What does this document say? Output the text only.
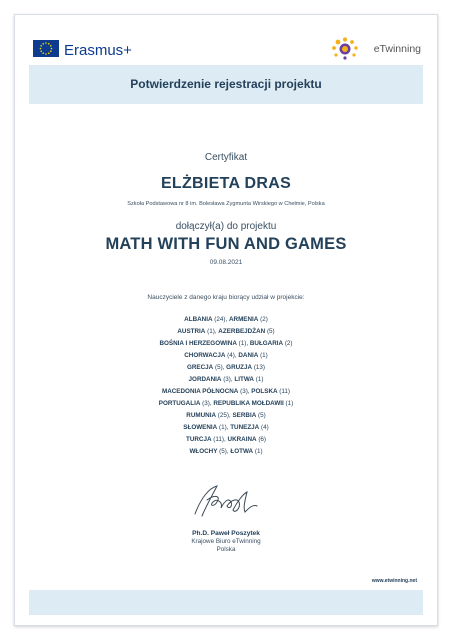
Erasmus+	eTwinning
Potwierdzenie rejestracji projektu
Certyfikat
ELŻBIETA DRAS
Szkoła Podstawowa nr 8 im. Bolesława Zygmunta Wirskiego w Chełmie, Polska
dołączył(a) do projektu
MATH WITH FUN AND GAMES
09.08.2021
Nauczyciele z danego kraju biorący udział w projekcie:
ALBANIA (24), ARMENIA (2)
AUSTRIA (1), AZERBEJDŻAN (5)
BOŚNIA I HERZEGOWINA (1), BUŁGARIA (2)
CHORWACJA (4), DANIA (1)
GRECJA (5), GRUZJA (13)
JORDANIA (3), LITWA (1)
MACEDONIA PÓŁNOCNA (3), POLSKA (11)
PORTUGALIA (3), REPUBLIKA MOŁDAWII (1)
RUMUNIA (25), SERBIA (5)
SŁOWENIA (1), TUNEZJA (4)
TURCJA (11), UKRAINA (6)
WŁOCHY (5), ŁOTWA (1)
Ph.D. Paweł Poszytek
Krajowe Biuro eTwinning
Polska
www.etwinning.net
